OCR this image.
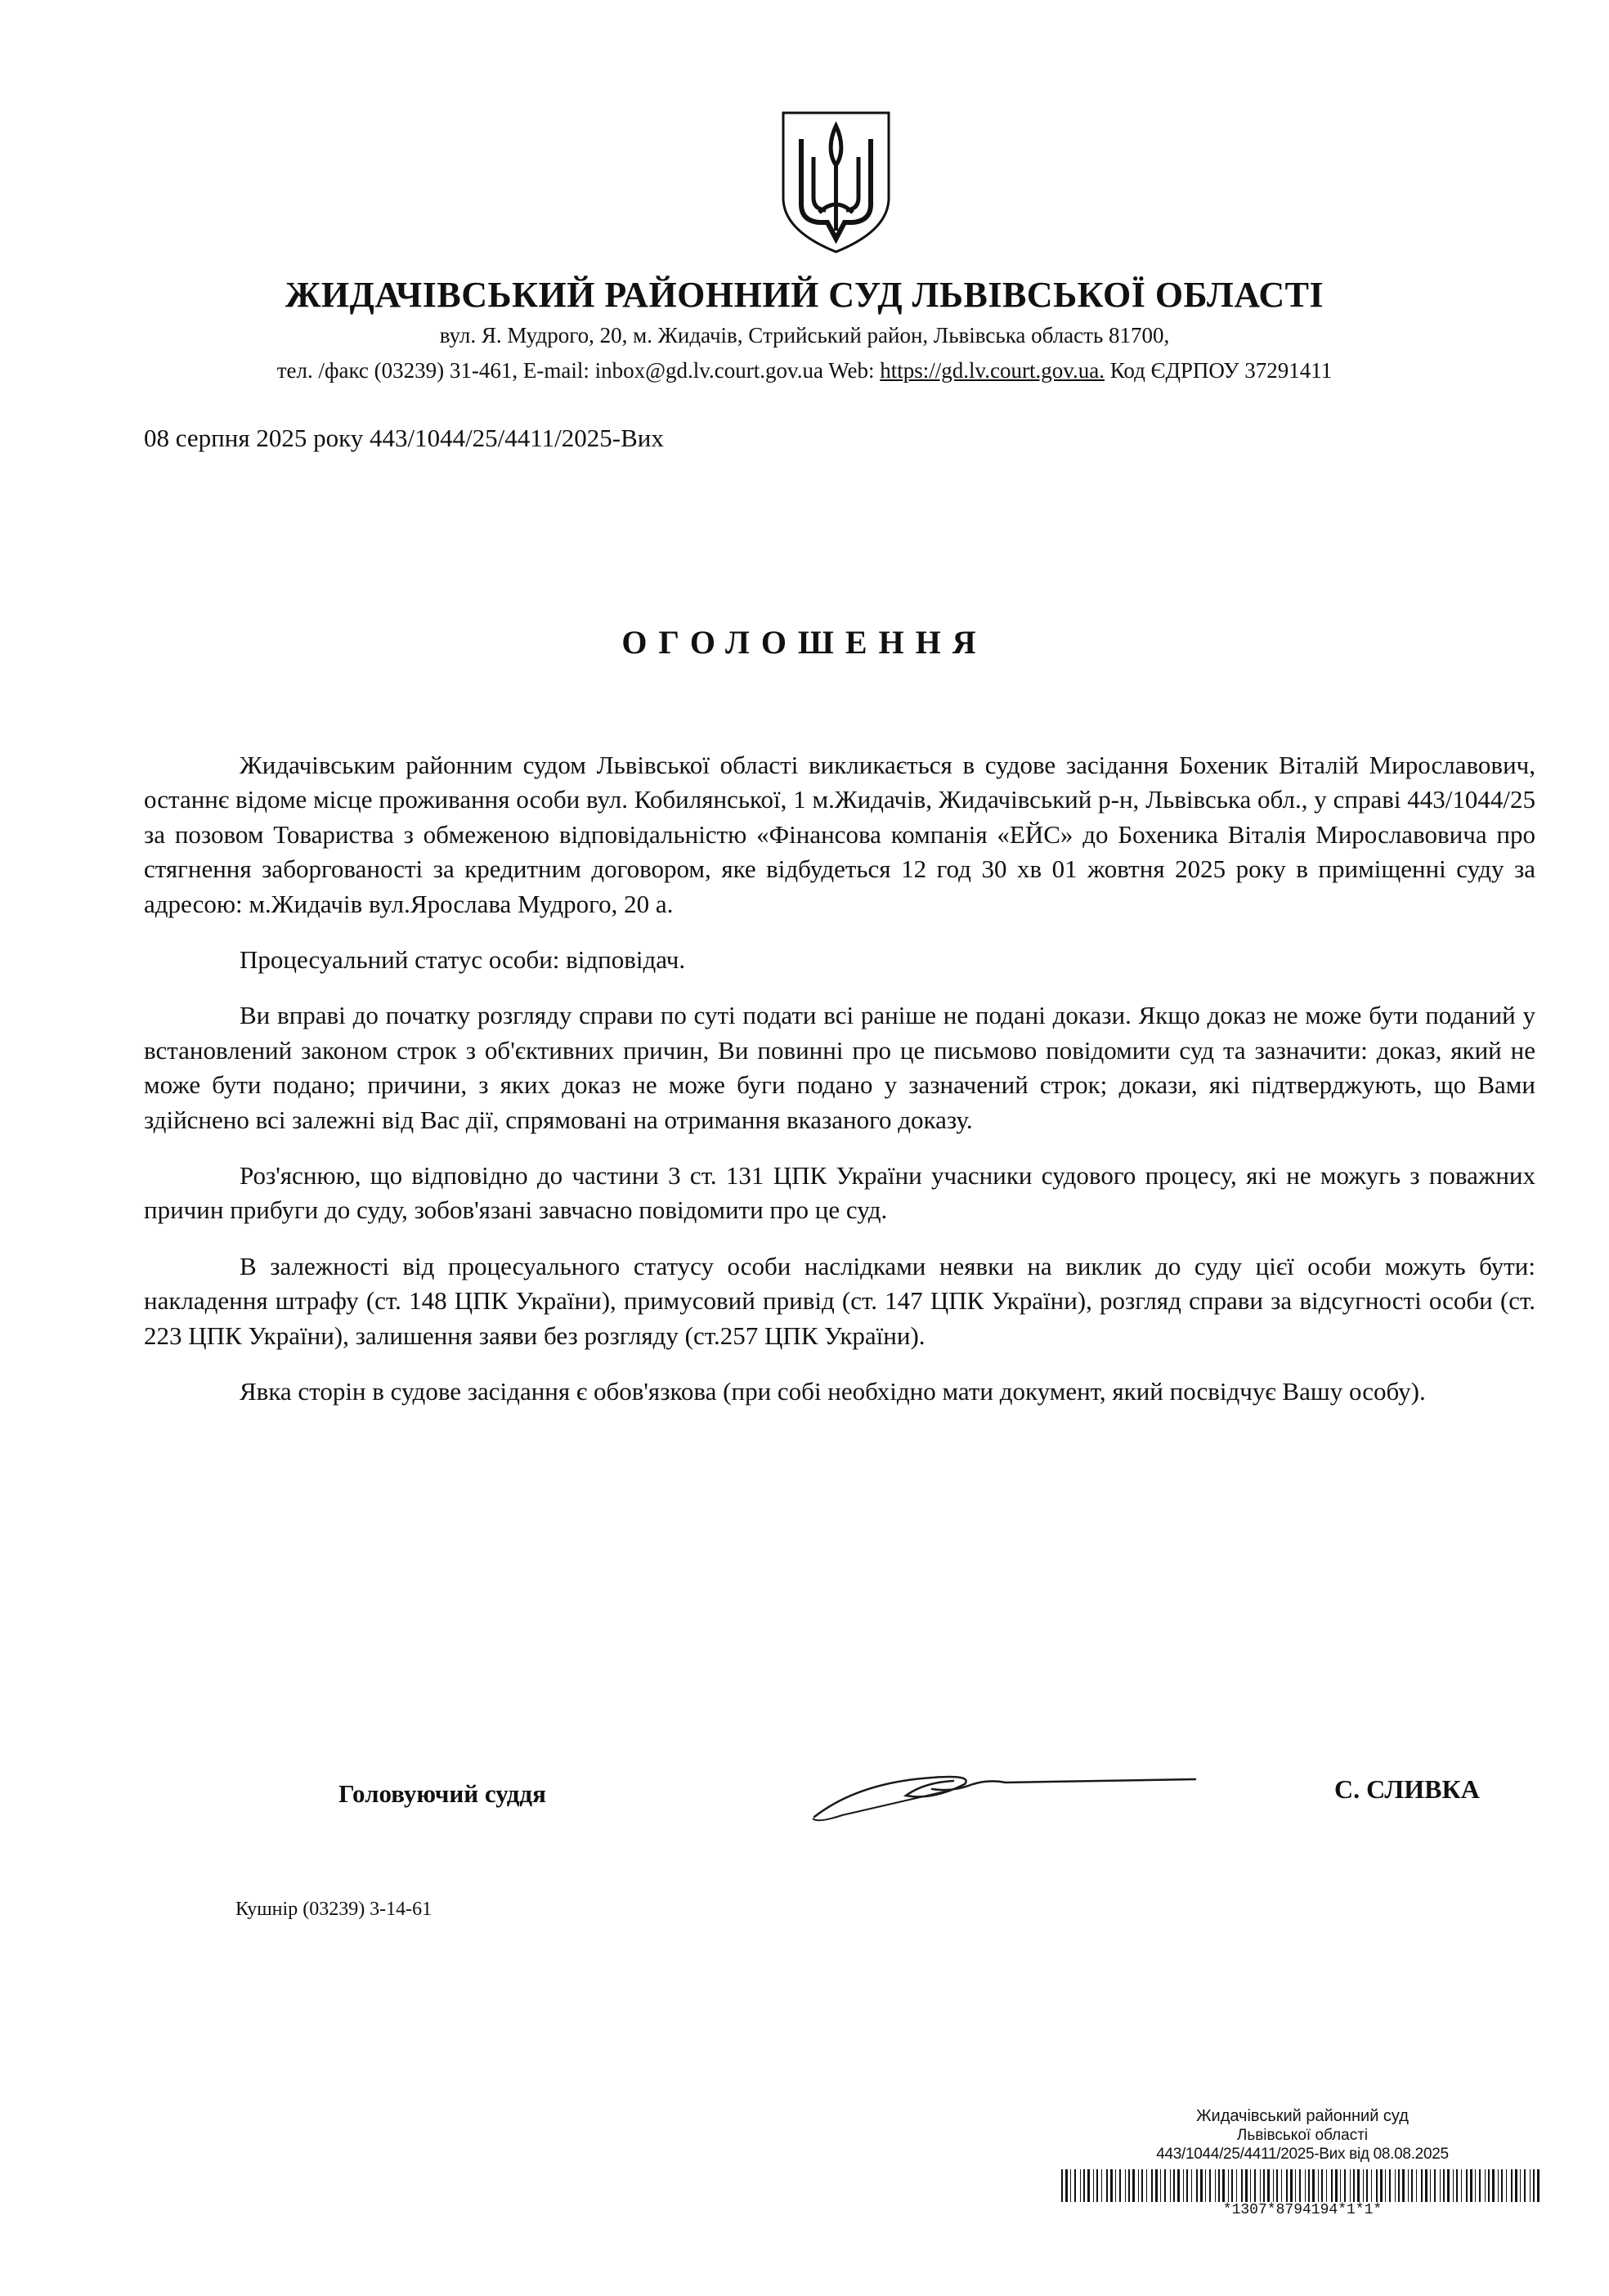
ЖИДАЧІВСЬКИЙ РАЙОННИЙ СУД ЛЬВІВСЬКОЇ ОБЛАСТІ
вул. Я. Мудрого, 20, м. Жидачів, Стрийський район, Львівська область 81700,
тел. /факс (03239) 31-461, E-mail: inbox@gd.lv.court.gov.ua Web: https://gd.lv.court.gov.ua. Код ЄДРПОУ 37291411
08 серпня 2025 року 443/1044/25/4411/2025-Вих
ОГОЛОШЕННЯ

Жидачівським районним судом Львівської області викликається в судове засідання Бохеник Віталій Мирославович, останнє відоме місце проживання особи вул. Кобилянської, 1 м.Жидачів, Жидачівський р-н, Львівська обл., у справі 443/1044/25 за позовом Товариства з обмеженою відповідальністю «Фінансова компанія «ЕЙС» до Бохеника Віталія Мирославовича про стягнення заборгованості за кредитним договором, яке відбудеться 12 год 30 хв 01 жовтня 2025 року в приміщенні суду за адресою: м.Жидачів вул.Ярослава Мудрого, 20 а.

Процесуальний статус особи: відповідач.

Ви вправі до початку розгляду справи по суті подати всі раніше не подані докази. Якщо доказ не може бути поданий у встановлений законом строк з об'єктивних причин, Ви повинні про це письмово повідомити суд та зазначити: доказ, який не може бути подано; причини, з яких доказ не може буги подано у зазначений строк; докази, які підтверджують, що Вами здійснено всі залежні від Вас дії, спрямовані на отримання вказаного доказу.

Роз'яснюю, що відповідно до частини 3 ст. 131 ЦПК України учасники судового процесу, які не можугь з поважних причин прибуги до суду, зобов'язані завчасно повідомити про це суд.

В залежності від процесуального статусу особи наслідками неявки на виклик до суду цієї особи можуть бути: накладення штрафу (ст. 148 ЦПК України), примусовий привід (ст. 147 ЦПК України), розгляд справи за відсугності особи (ст. 223 ЦПК України), залишення заяви без розгляду (ст.257 ЦПК України).

Явка сторін в судове засідання є обов'язкова (при собі необхідно мати документ, який посвідчує Вашу особу).

Головуючий суддя	С. СЛИВКА
Кушнір (03239) 3-14-61
Жидачівський районний суд
Львівської області
443/1044/25/4411/2025-Вих від 08.08.2025
*1307*8794194*1*1*
